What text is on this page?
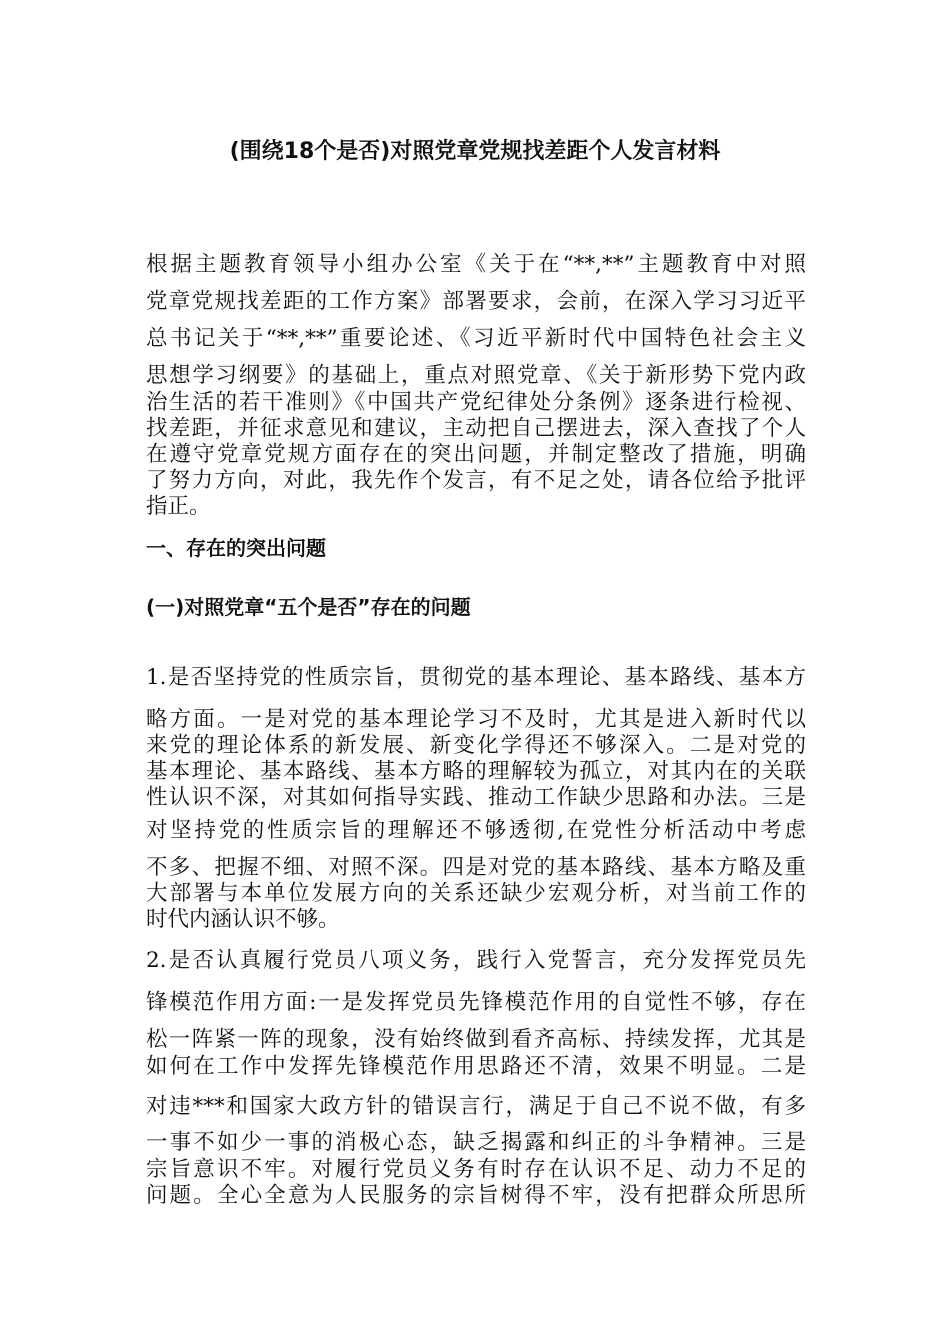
(围绕18个是否)对照党章党规找差距个人发言材料
根据主题教育领导小组办公室《关于在“**,**”主题教育中对照
党章党规找差距的工作方案》部署要求，会前，在深入学习习近平
总书记关于“**,**”重要论述、《习近平新时代中国特色社会主义
思想学习纲要》的基础上，重点对照党章、《关于新形势下党内政
治生活的若干准则》《中国共产党纪律处分条例》逐条进行检视、
找差距，并征求意见和建议，主动把自己摆进去，深入查找了个人
在遵守党章党规方面存在的突出问题，并制定整改了措施，明确
了努力方向，对此，我先作个发言，有不足之处，请各位给予批评
指正。
一、存在的突出问题
(一)对照党章“五个是否”存在的问题
1.是否坚持党的性质宗旨，贯彻党的基本理论、基本路线、基本方
略方面。一是对党的基本理论学习不及时，尤其是进入新时代以
来党的理论体系的新发展、新变化学得还不够深入。二是对党的
基本理论、基本路线、基本方略的理解较为孤立，对其内在的关联
性认识不深，对其如何指导实践、推动工作缺少思路和办法。三是
对坚持党的性质宗旨的理解还不够透彻,在党性分析活动中考虑
不多、把握不细、对照不深。四是对党的基本路线、基本方略及重
大部署与本单位发展方向的关系还缺少宏观分析，对当前工作的
时代内涵认识不够。
2.是否认真履行党员八项义务，践行入党誓言，充分发挥党员先
锋模范作用方面:一是发挥党员先锋模范作用的自觉性不够，存在
松一阵紧一阵的现象，没有始终做到看齐高标、持续发挥，尤其是
如何在工作中发挥先锋模范作用思路还不清，效果不明显。二是
对违***和国家大政方针的错误言行，满足于自己不说不做，有多
一事不如少一事的消极心态，缺乏揭露和纠正的斗争精神。三是
宗旨意识不牢。对履行党员义务有时存在认识不足、动力不足的
问题。全心全意为人民服务的宗旨树得不牢，没有把群众所思所
